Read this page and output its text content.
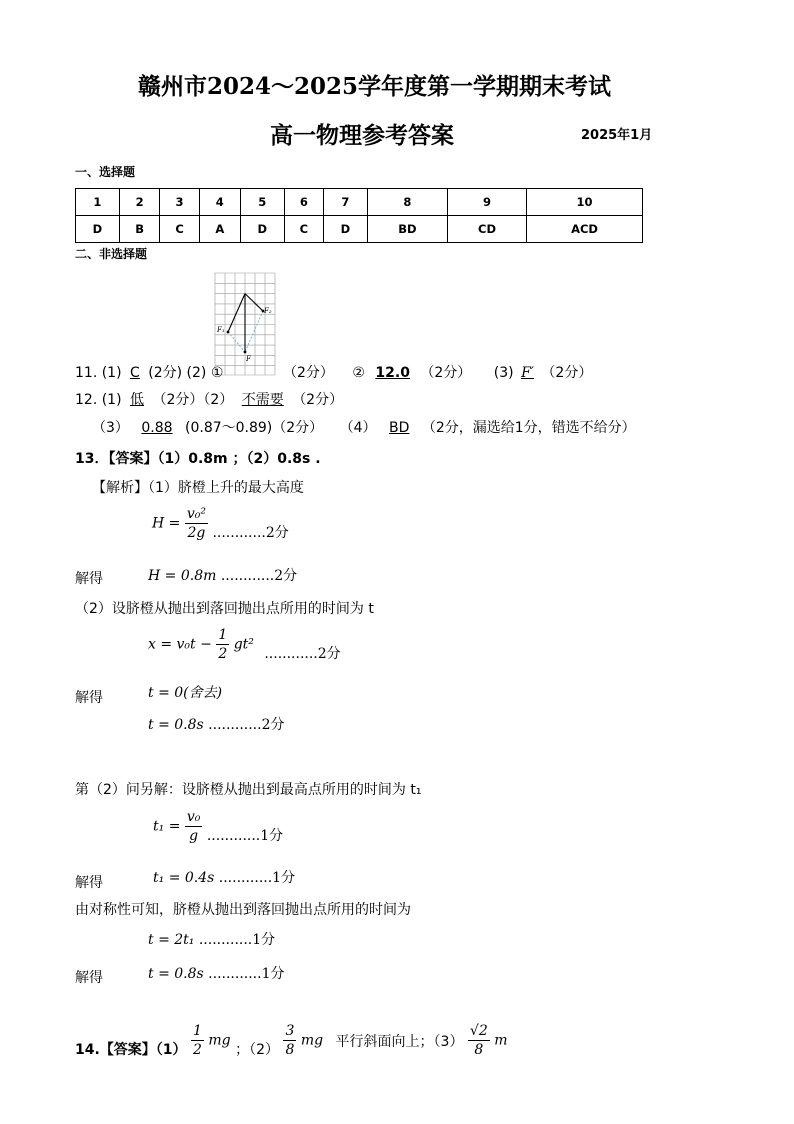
赣州市2024～2025学年度第一学期期末考试
高一物理参考答案	2025年1月
一、选择题
1	2	3	4	5	6	7	8	9	10
D	B	C	A	D	C	D	BD	CD	ACD
二、非选择题
F₁
F₂
F
11. (1) C (2分) (2) ①	（2分） ② 12.0 （2分） (3) F′ （2分）
12. (1) 低 （2分）（2） 不需要 （2分）
（3） 0.88 (0.87～0.89)（2分） （4） BD （2分，漏选给1分，错选不给分）
13．【答案】（1）0.8m ；（2）0.8s .
【解析】（1）脐橙上升的最大高度
$H = \frac{\text{v₀²}}{2g} ............2$分
解得	H = 0.8m ............2分
（2）设脐橙从抛出到落回抛出点所用的时间为 t
$x = v_0t - \frac{1}{2} gt^2$ ............2分
解得	t = 0(舍去)
t = 0.8s ............2分
第（2）问另解：设脐橙从抛出到最高点所用的时间为 t₁
$t_1 = \frac{\text{v₀}}{g} ............1$分
解得	t₁ = 0.4s ............1分
由对称性可知，脐橙从抛出到落回抛出点所用的时间为
t = 2t₁ ............1分
解得	t = 0.8s ............1分
14.【答案】$(1) \frac{1}{2}$ mg ；$(2) \frac{3}{8}$ mg 平行斜面向上；$(3) \frac{√2}{8}$ m
